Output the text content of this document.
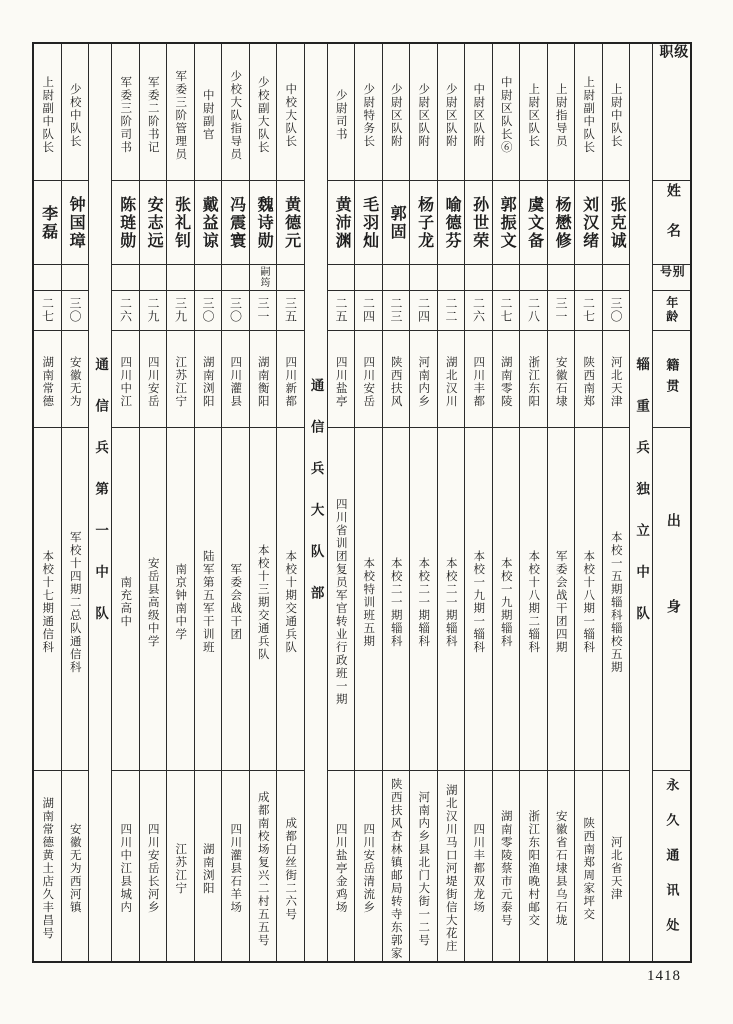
级职
姓名
别号
年龄
籍贯
出身
永久通讯处
辎重兵独立中队
上尉中队长
张克诚
三〇
河北天津
本校一五期辎科辎校五期
河北省天津
上尉副中队长
刘汉绪
二七
陕西南郑
本校十八期一辎科
陕西南郑周家坪交
上尉指导员
杨懋修
三一
安徽石埭
军委会战干团四期
安徽省石埭县乌石垅
上尉区队长
虞文备
二八
浙江东阳
本校十八期二辎科
浙江东阳渔晚村邮交
中尉区队长⑥
郭振文
二七
湖南零陵
本校一九期辎科
湖南零陵蔡市元泰号
中尉区队附
孙世荣
二六
四川丰都
本校一九期一辎科
四川丰都双龙场
少尉区队附
喻德芬
二二
湖北汉川
本校二一期辎科
湖北汉川马口河堤街信大花庄
少尉区队附
杨子龙
二四
河南内乡
本校二一期辎科
河南内乡县北门大街一二号
少尉区队附
郭固
二三
陕西扶风
本校二一期辎科
陕西扶风杏林镇邮局转寺东郭家
少尉特务长
毛羽灿
二四
四川安岳
本校特训班五期
四川安岳清流乡
少尉司书
黄沛渊
二五
四川盐亭
四川省训团复员军官转业行政班一期
四川盐亭金鸡场
通信兵大队部
中校大队长
黄德元
三五
四川新都
本校十期交通兵队
成都白丝街二六号
少校副大队长
魏诗勋
嗣筠
三一
湖南衡阳
本校十三期交通兵队
成都南校场复兴二村五五号
少校大队指导员
冯震寰
三〇
四川灌县
军委会战干团
四川灌县石羊场
中尉副官
戴益谅
三〇
湖南浏阳
陆军第五军干训班
湖南浏阳
军委三阶管理员
张礼钊
三九
江苏江宁
南京钟南中学
江苏江宁
军委二阶书记
安志远
二九
四川安岳
安岳县高级中学
四川安岳长河乡
军委三阶司书
陈琏勋
二六
四川中江
南充高中
四川中江县城内
通信兵第一中队
少校中队长
钟国璋
三〇
安徽无为
军校十四期二总队通信科
安徽无为西河镇
上尉副中队长
李磊
二七
湖南常德
本校十七期通信科
湖南常德黄土店久丰昌号
1418
